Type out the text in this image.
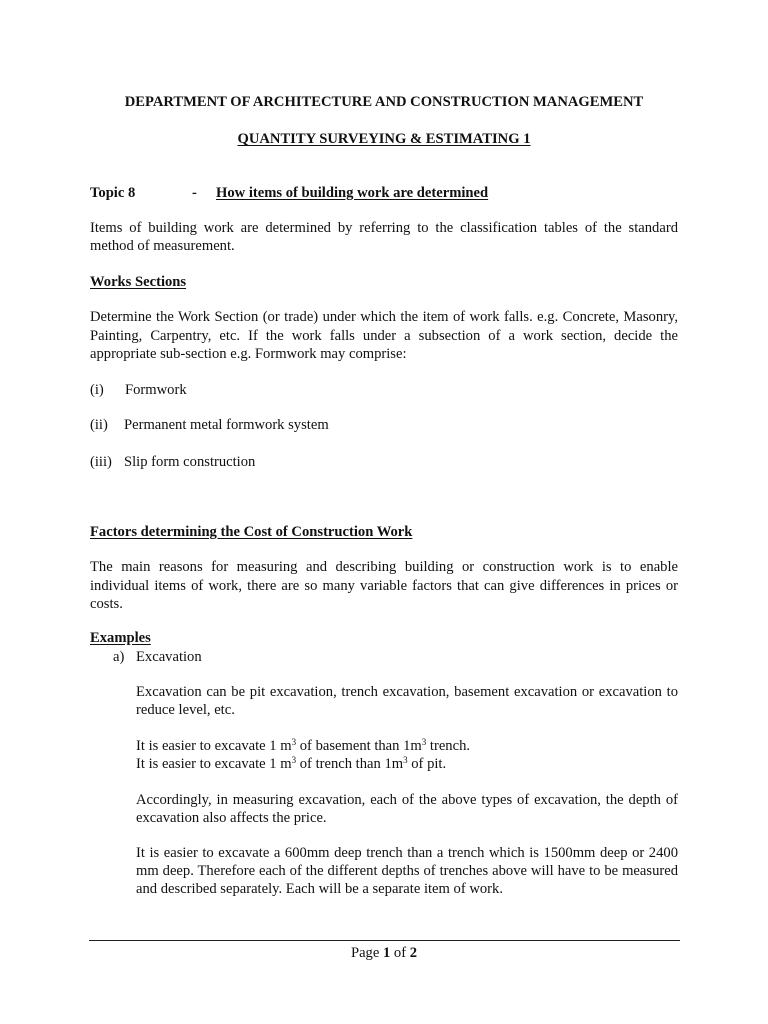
DEPARTMENT OF ARCHITECTURE AND CONSTRUCTION MANAGEMENT
QUANTITY SURVEYING & ESTIMATING 1
Topic 8	- How items of building work are determined
Items of building work are determined by referring to the classification tables of the standard
method of measurement.
Works Sections
Determine the Work Section (or trade) under which the item of work falls. e.g. Concrete, Masonry,
Painting, Carpentry, etc. If the work falls under a subsection of a work section, decide the
appropriate sub-section e.g. Formwork may comprise:
(i) Formwork
(ii) Permanent metal formwork system
(iii) Slip form construction
Factors determining the Cost of Construction Work
The main reasons for measuring and describing building or construction work is to enable
individual items of work, there are so many variable factors that can give differences in prices or
costs.
Examples
a) Excavation
Excavation can be pit excavation, trench excavation, basement excavation or excavation to
reduce level, etc.
It is easier to excavate 1 $m^3$ of basement than $1m^3$ trench.
It is easier to excavate 1 $m^3$ of trench than $1m^3$ of pit.
Accordingly, in measuring excavation, each of the above types of excavation, the depth of
excavation also affects the price.
It is easier to excavate a 600mm deep trench than a trench which is 1500mm deep or 2400
mm deep. Therefore each of the different depths of trenches above will have to be measured
and described separately. Each will be a separate item of work.
Page 1 of 2
